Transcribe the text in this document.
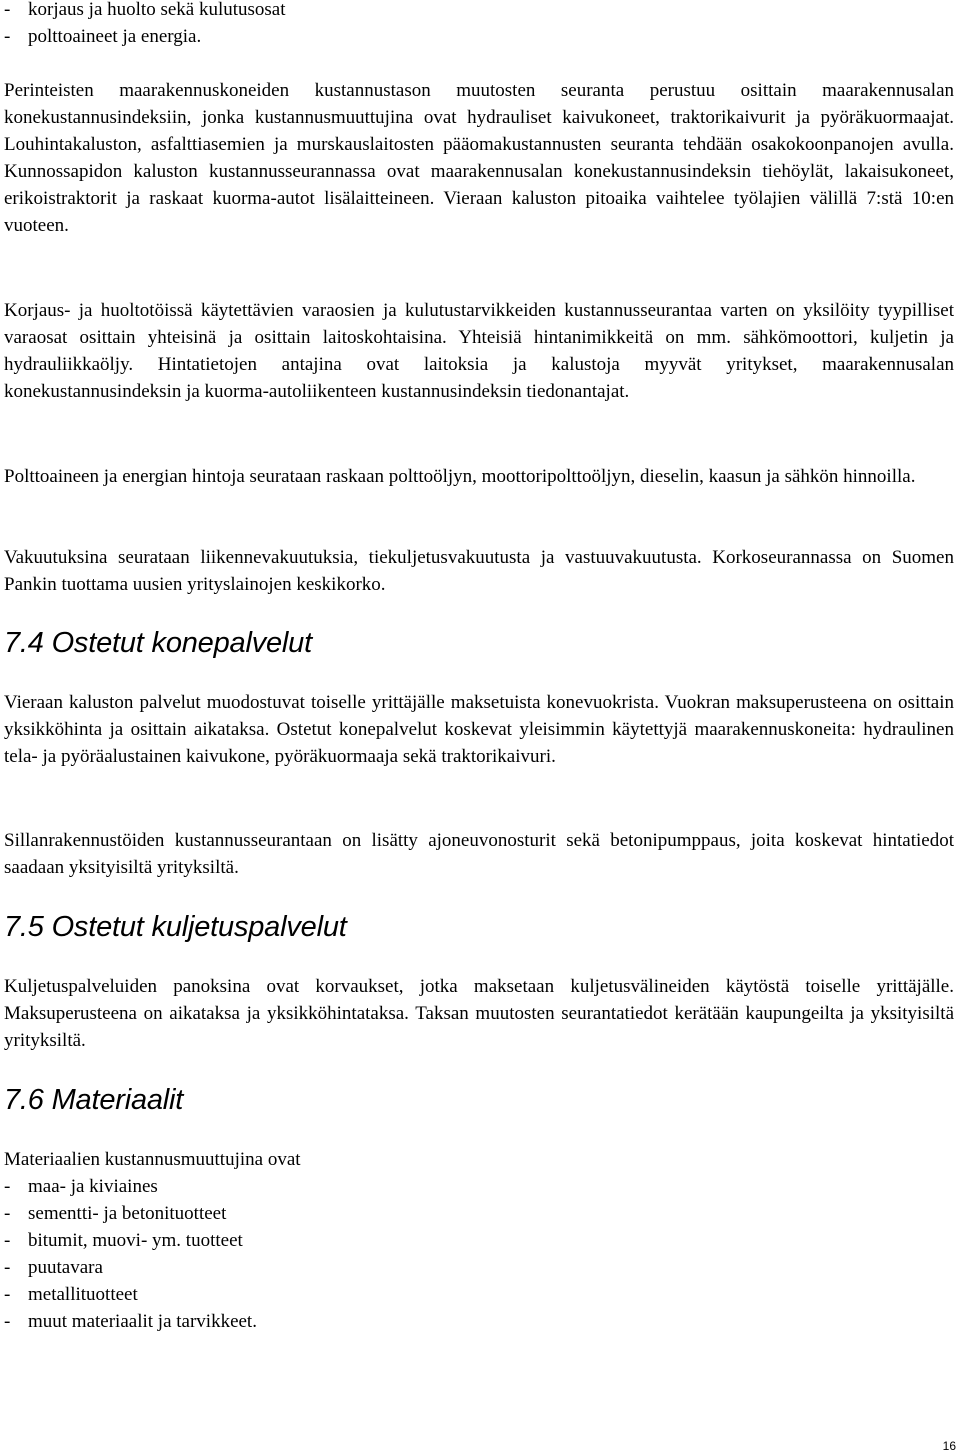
- korjaus ja huolto sekä kulutusosat
- polttoaineet ja energia.

Perinteisten maarakennuskoneiden kustannustason muutosten seuranta perustuu osittain maarakennusalan konekustannusindeksiin, jonka kustannusmuuttujina ovat hydrauliset kaivukoneet, traktorikaivurit ja pyöräkuormaajat. Louhintakaluston, asfalttiasemien ja murskauslaitosten pääomakustannusten seuranta tehdään osakokoonpanojen avulla. Kunnossapidon kaluston kustannusseurannassa ovat maarakennusalan konekustannusindeksin tiehöylät, lakaisukoneet, erikoistraktorit ja raskaat kuorma-autot lisälaitteineen. Vieraan kaluston pitoaika vaihtelee työlajien välillä 7:stä 10:en vuoteen.

Korjaus- ja huoltotöissä käytettävien varaosien ja kulutustarvikkeiden kustannusseurantaa varten on yksilöity tyypilliset varaosat osittain yhteisinä ja osittain laitoskohtaisina. Yhteisiä hintanimikkeitä on mm. sähkömoottori, kuljetin ja hydrauliikkaöljy. Hintatietojen antajina ovat laitoksia ja kalustoja myyvät yritykset, maarakennusalan konekustannusindeksin ja kuorma-autoliikenteen kustannusindeksin tiedonantajat.

Polttoaineen ja energian hintoja seurataan raskaan polttoöljyn, moottoripolttoöljyn, dieselin, kaasun ja sähkön hinnoilla.

Vakuutuksina seurataan liikennevakuutuksia, tiekuljetusvakuutusta ja vastuuvakuutusta. Korkoseurannassa on Suomen Pankin tuottama uusien yrityslainojen keskikorko.

7.4 Ostetut konepalvelut

Vieraan kaluston palvelut muodostuvat toiselle yrittäjälle maksetuista konevuokrista. Vuokran maksuperusteena on osittain yksikköhinta ja osittain aikataksa. Ostetut konepalvelut koskevat yleisimmin käytettyjä maarakennuskoneita: hydraulinen tela- ja pyöräalustainen kaivukone, pyöräkuormaaja sekä traktorikaivuri.

Sillanrakennustöiden kustannusseurantaan on lisätty ajoneuvonosturit sekä betonipumppaus, joita koskevat hintatiedot saadaan yksityisiltä yrityksiltä.

7.5 Ostetut kuljetuspalvelut

Kuljetuspalveluiden panoksina ovat korvaukset, jotka maksetaan kuljetusvälineiden käytöstä toiselle yrittäjälle. Maksuperusteena on aikataksa ja yksikköhintataksa. Taksan muutosten seurantatiedot kerätään kaupungeilta ja yksityisiltä yrityksiltä.

7.6 Materiaalit

Materiaalien kustannusmuuttujina ovat

- maa- ja kiviaines
- sementti- ja betonituotteet
- bitumit, muovi- ym. tuotteet
- puutavara
- metallituotteet
- muut materiaalit ja tarvikkeet.
16
